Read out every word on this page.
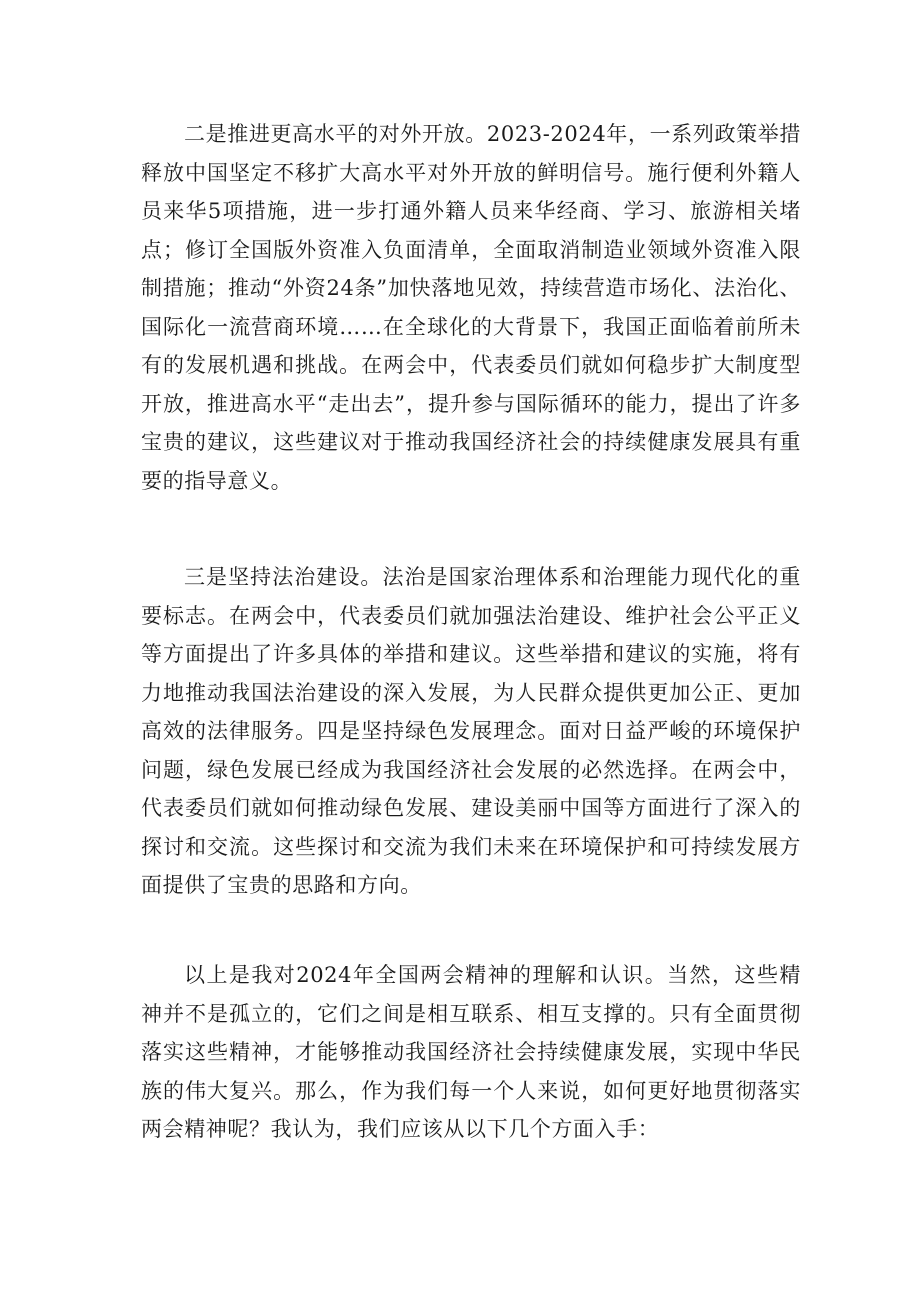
二是推进更高水平的对外开放。2023-2024年，一系列政策举措释放中国坚定不移扩大高水平对外开放的鲜明信号。施行便利外籍人员来华5项措施，进一步打通外籍人员来华经商、学习、旅游相关堵点；修订全国版外资准入负面清单，全面取消制造业领域外资准入限制措施；推动“外资24条”加快落地见效，持续营造市场化、法治化、国际化一流营商环境……在全球化的大背景下，我国正面临着前所未有的发展机遇和挑战。在两会中，代表委员们就如何稳步扩大制度型开放，推进高水平“走出去”，提升参与国际循环的能力，提出了许多宝贵的建议，这些建议对于推动我国经济社会的持续健康发展具有重要的指导意义。

三是坚持法治建设。法治是国家治理体系和治理能力现代化的重要标志。在两会中，代表委员们就加强法治建设、维护社会公平正义等方面提出了许多具体的举措和建议。这些举措和建议的实施，将有力地推动我国法治建设的深入发展，为人民群众提供更加公正、更加高效的法律服务。四是坚持绿色发展理念。面对日益严峻的环境保护问题，绿色发展已经成为我国经济社会发展的必然选择。在两会中，代表委员们就如何推动绿色发展、建设美丽中国等方面进行了深入的探讨和交流。这些探讨和交流为我们未来在环境保护和可持续发展方面提供了宝贵的思路和方向。

以上是我对2024年全国两会精神的理解和认识。当然，这些精神并不是孤立的，它们之间是相互联系、相互支撑的。只有全面贯彻落实这些精神，才能够推动我国经济社会持续健康发展，实现中华民族的伟大复兴。那么，作为我们每一个人来说，如何更好地贯彻落实两会精神呢？我认为，我们应该从以下几个方面入手：
